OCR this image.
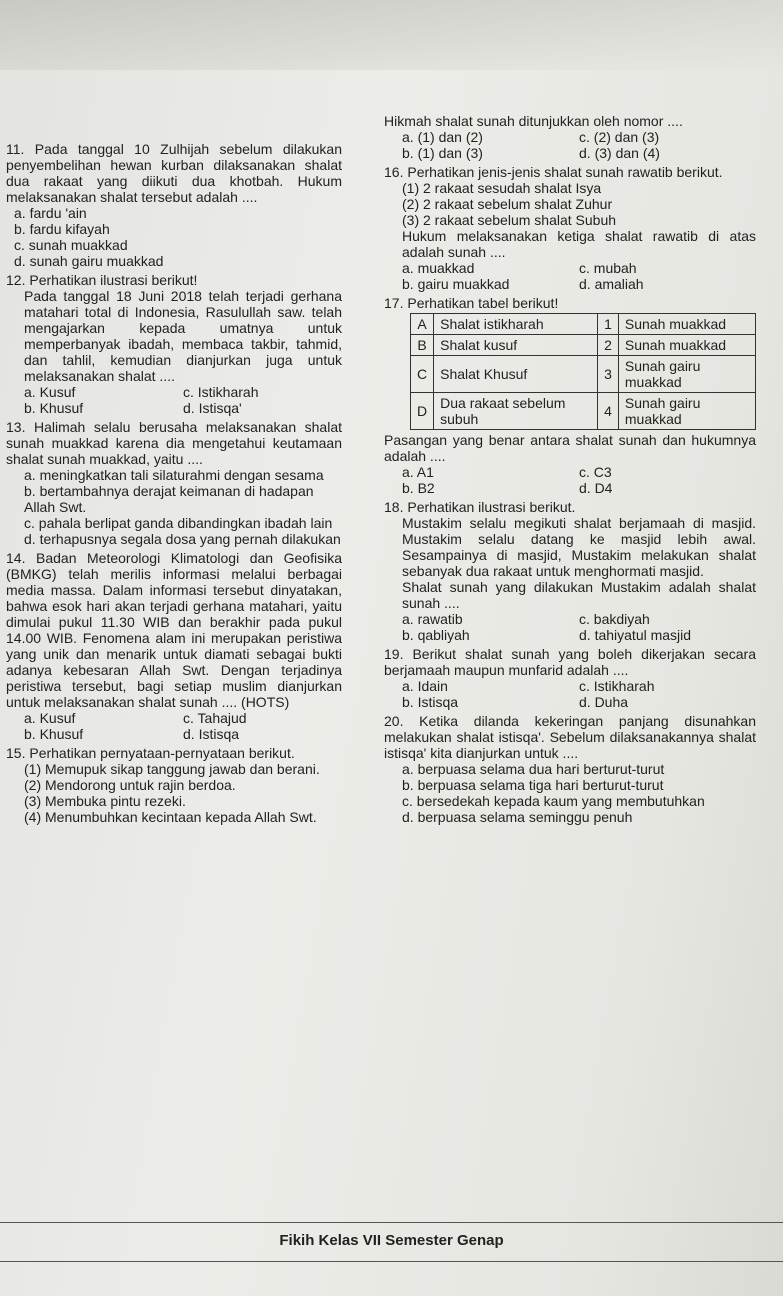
11. Pada tanggal 10 Zulhijah sebelum dilakukan penyembelihan hewan kurban dilaksanakan shalat dua rakaat yang diikuti dua khotbah. Hukum melaksanakan shalat tersebut adalah ....

a. fardu 'ain

b. fardu kifayah

c. sunah muakkad

d. sunah gairu muakkad

12. Perhatikan ilustrasi berikut!

Pada tanggal 18 Juni 2018 telah terjadi gerhana matahari total di Indonesia, Rasulullah saw. telah mengajarkan kepada umatnya untuk memperbanyak ibadah, membaca takbir, tahmid, dan tahlil, kemudian dianjurkan juga untuk melaksanakan shalat ....

a. Kusuf	c. Istikharah
b. Khusuf	d. Istisqa'

13. Halimah selalu berusaha melaksanakan shalat sunah muakkad karena dia mengetahui keutamaan shalat sunah muakkad, yaitu ....

a. meningkatkan tali silaturahmi dengan sesama

b. bertambahnya derajat keimanan di hadapan Allah Swt.

c. pahala berlipat ganda dibandingkan ibadah lain

d. terhapusnya segala dosa yang pernah dilakukan

14. Badan Meteorologi Klimatologi dan Geofisika (BMKG) telah merilis informasi melalui berbagai media massa. Dalam informasi tersebut dinyatakan, bahwa esok hari akan terjadi gerhana matahari, yaitu dimulai pukul 11.30 WIB dan berakhir pada pukul 14.00 WIB. Fenomena alam ini merupakan peristiwa yang unik dan menarik untuk diamati sebagai bukti adanya kebesaran Allah Swt. Dengan terjadinya peristiwa tersebut, bagi setiap muslim dianjurkan untuk melaksanakan shalat sunah .... (HOTS)

a. Kusuf	c. Tahajud
b. Khusuf	d. Istisqa

15. Perhatikan pernyataan-pernyataan berikut.

(1) Memupuk sikap tanggung jawab dan berani.

(2) Mendorong untuk rajin berdoa.

(3) Membuka pintu rezeki.

(4) Menumbuhkan kecintaan kepada Allah Swt.

Hikmah shalat sunah ditunjukkan oleh nomor ....

a. (1) dan (2)	c. (2) dan (3)
b. (1) dan (3)	d. (3) dan (4)

16. Perhatikan jenis-jenis shalat sunah rawatib berikut.

(1) 2 rakaat sesudah shalat Isya

(2) 2 rakaat sebelum shalat Zuhur

(3) 2 rakaat sebelum shalat Subuh

Hukum melaksanakan ketiga shalat rawatib di atas adalah sunah ....

a. muakkad	c. mubah
b. gairu muakkad	d. amaliah

17. Perhatikan tabel berikut!

A	Shalat istikharah	1	Sunah muakkad
B	Shalat kusuf	2	Sunah muakkad
C	Shalat Khusuf	3	Sunah gairu muakkad
D	Dua rakaat sebelum subuh	4	Sunah gairu muakkad

Pasangan yang benar antara shalat sunah dan hukumnya adalah ....

a. A1	c. C3
b. B2	d. D4

18. Perhatikan ilustrasi berikut.

Mustakim selalu megikuti shalat berjamaah di masjid. Mustakim selalu datang ke masjid lebih awal. Sesampainya di masjid, Mustakim melakukan shalat sebanyak dua rakaat untuk menghormati masjid.

Shalat sunah yang dilakukan Mustakim adalah shalat sunah ....

a. rawatib	c. bakdiyah
b. qabliyah	d. tahiyatul masjid

19. Berikut shalat sunah yang boleh dikerjakan secara berjamaah maupun munfarid adalah ....

a. Idain	c. Istikharah
b. Istisqa	d. Duha

20. Ketika dilanda kekeringan panjang disunahkan melakukan shalat istisqa'. Sebelum dilaksanakannya shalat istisqa' kita dianjurkan untuk ....

a. berpuasa selama dua hari berturut-turut

b. berpuasa selama tiga hari berturut-turut

c. bersedekah kepada kaum yang membutuhkan

d. berpuasa selama seminggu penuh

Fikih Kelas VII Semester Genap
